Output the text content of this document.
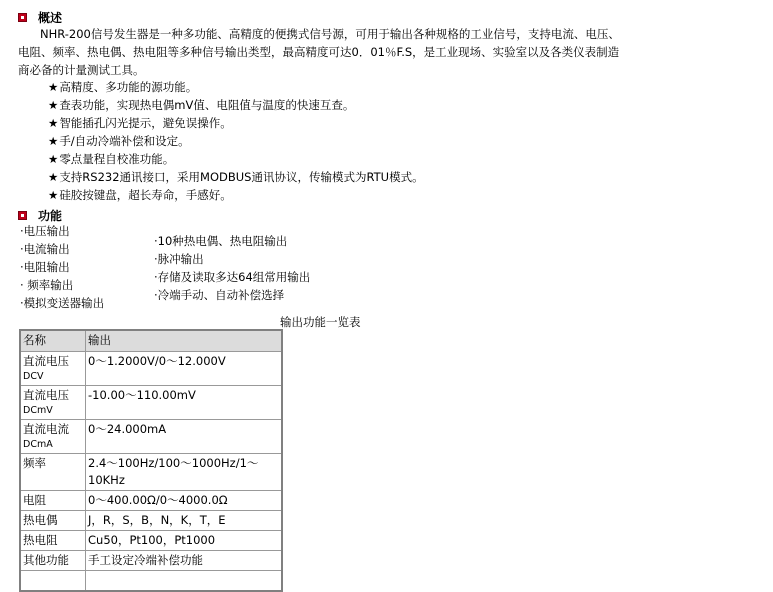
概述

NHR-200信号发生器是一种多功能、高精度的便携式信号源，可用于输出各种规格的工业信号，支持电流、电压、电阻、频率、热电偶、热电阻等多种信号输出类型，最高精度可达0．01％F.S，是工业现场、实验室以及各类仪表制造商必备的计量测试工具。

★高精度、多功能的源功能。
★查表功能，实现热电偶mV值、电阻值与温度的快速互查。
★智能插孔闪光提示，避免误操作。
★手/自动冷端补偿和设定。
★零点量程自校准功能。
★支持RS232通讯接口，采用MODBUS通讯协议，传输模式为RTU模式。
★硅胶按键盘，超长寿命，手感好。
功能
·电压输出
·电流输出
·电阻输出
· 频率输出
·模拟变送器输出
·10种热电偶、热电阻输出
·脉冲输出
·存储及读取多达64组常用输出
·冷端手动、自动补偿选择
输出功能一览表
名称	输出
直流电压
DCV	0～1.2000V/0～12.000V
直流电压
DCmV	-10.00～110.00mV
直流电流
DCmA	0～24.000mA
频率	2.4～100Hz/100～1000Hz/1～10KHz
电阻	0～400.00Ω/0～4000.0Ω
热电偶	J，R，S，B，N，K，T，E
热电阻	Cu50，Pt100，Pt1000
其他功能	手工设定冷端补偿功能
